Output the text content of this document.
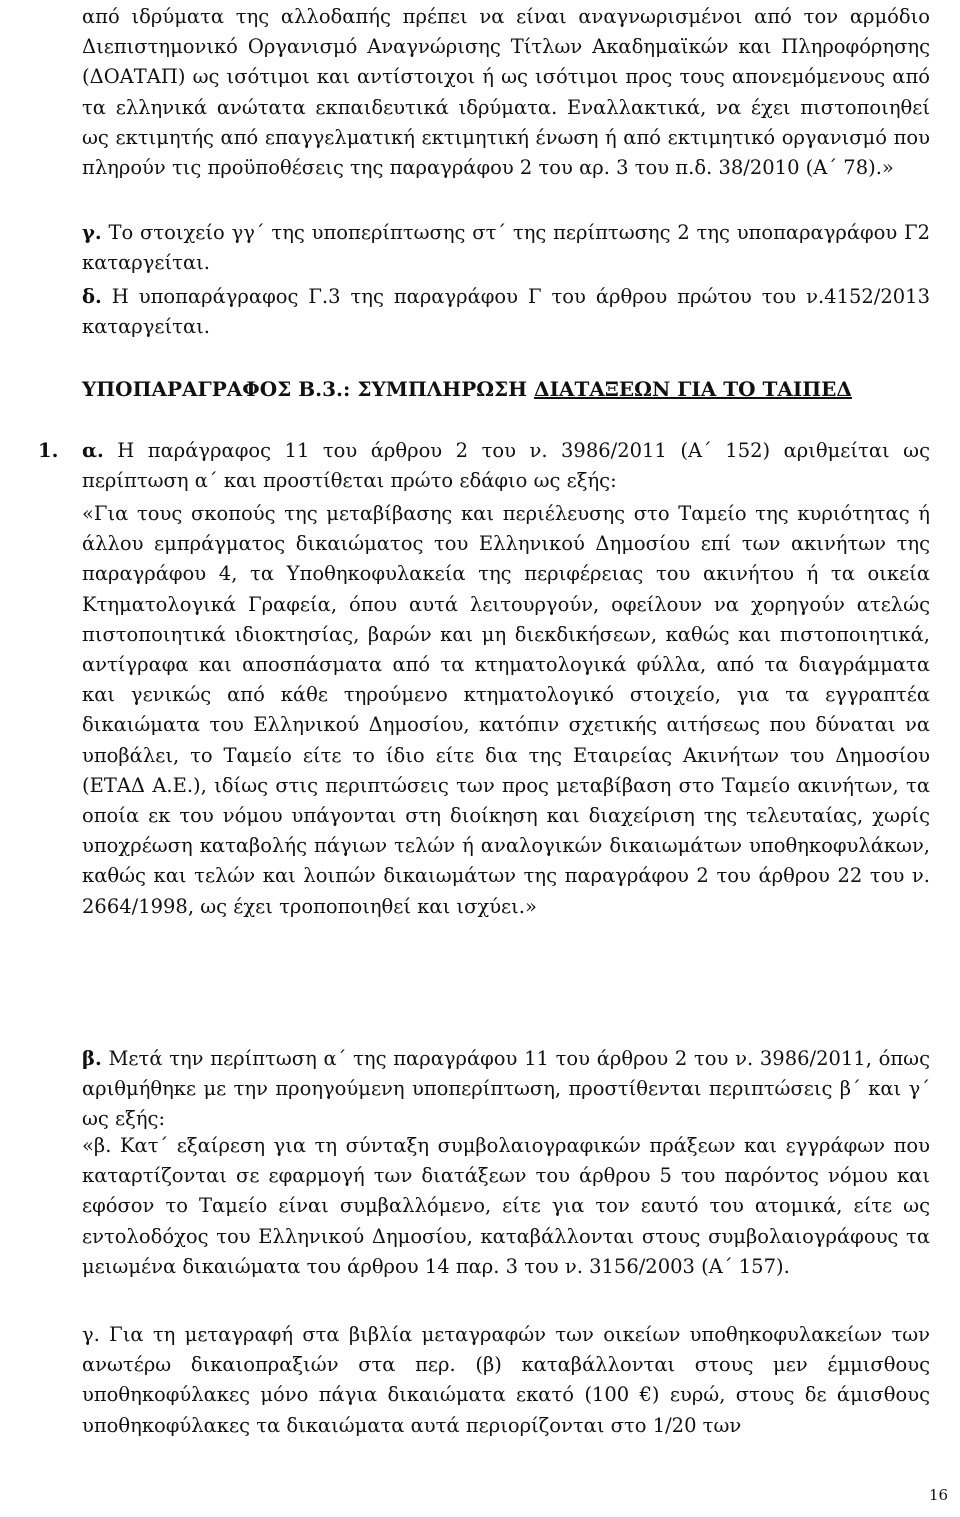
από ιδρύματα της αλλοδαπής πρέπει να είναι αναγνωρισμένοι από τον αρμόδιο Διεπιστημονικό Οργανισμό Αναγνώρισης Τίτλων Ακαδημαϊκών και Πληροφόρησης (ΔΟΑΤΑΠ) ως ισότιμοι και αντίστοιχοι ή ως ισότιμοι προς τους απονεμόμενους από τα ελληνικά ανώτατα εκπαιδευτικά ιδρύματα. Εναλλακτικά, να έχει πιστοποιηθεί ως εκτιμητής από επαγγελματική εκτιμητική ένωση ή από εκτιμητικό οργανισμό που πληρούν τις προϋποθέσεις της παραγράφου 2 του αρ. 3 του π.δ. 38/2010 (Α΄ 78).»
γ. Το στοιχείο γγ΄ της υποπερίπτωσης στ΄ της περίπτωσης 2 της υποπαραγράφου Γ2 καταργείται.
δ. Η υποπαράγραφος Γ.3 της παραγράφου Γ του άρθρου πρώτου του ν.4152/2013 καταργείται.
ΥΠΟΠΑΡΑΓΡΑΦΟΣ Β.3.: ΣΥΜΠΛΗΡΩΣΗ ΔΙΑΤΑΞΕΩΝ ΓΙΑ ΤΟ ΤΑΙΠΕΔ
1. α. Η παράγραφος 11 του άρθρου 2 του ν. 3986/2011 (Α΄ 152) αριθμείται ως περίπτωση α΄ και προστίθεται πρώτο εδάφιο ως εξής:
«Για τους σκοπούς της μεταβίβασης και περιέλευσης στο Ταμείο της κυριότητας ή άλλου εμπράγματος δικαιώματος του Ελληνικού Δημοσίου επί των ακινήτων της παραγράφου 4, τα Υποθηκοφυλακεία της περιφέρειας του ακινήτου ή τα οικεία Κτηματολογικά Γραφεία, όπου αυτά λειτουργούν, οφείλουν να χορηγούν ατελώς πιστοποιητικά ιδιοκτησίας, βαρών και μη διεκδικήσεων, καθώς και πιστοποιητικά, αντίγραφα και αποσπάσματα από τα κτηματολογικά φύλλα, από τα διαγράμματα και γενικώς από κάθε τηρούμενο κτηματολογικό στοιχείο, για τα εγγραπτέα δικαιώματα του Ελληνικού Δημοσίου, κατόπιν σχετικής αιτήσεως που δύναται να υποβάλει, το Ταμείο είτε το ίδιο είτε δια της Εταιρείας Ακινήτων του Δημοσίου (ΕΤΑΔ Α.Ε.), ιδίως στις περιπτώσεις των προς μεταβίβαση στο Ταμείο ακινήτων, τα οποία εκ του νόμου υπάγονται στη διοίκηση και διαχείριση της τελευταίας, χωρίς υποχρέωση καταβολής πάγιων τελών ή αναλογικών δικαιωμάτων υποθηκοφυλάκων, καθώς και τελών και λοιπών δικαιωμάτων της παραγράφου 2 του άρθρου 22 του ν. 2664/1998, ως έχει τροποποιηθεί και ισχύει.»
β. Μετά την περίπτωση α΄ της παραγράφου 11 του άρθρου 2 του ν. 3986/2011, όπως αριθμήθηκε με την προηγούμενη υποπερίπτωση, προστίθενται περιπτώσεις β΄ και γ΄ ως εξής:
«β. Κατ΄ εξαίρεση για τη σύνταξη συμβολαιογραφικών πράξεων και εγγράφων που καταρτίζονται σε εφαρμογή των διατάξεων του άρθρου 5 του παρόντος νόμου και εφόσον το Ταμείο είναι συμβαλλόμενο, είτε για τον εαυτό του ατομικά, είτε ως εντολοδόχος του Ελληνικού Δημοσίου, καταβάλλονται στους συμβολαιογράφους τα μειωμένα δικαιώματα του άρθρου 14 παρ. 3 του ν. 3156/2003 (Α΄ 157).
γ. Για τη μεταγραφή στα βιβλία μεταγραφών των οικείων υποθηκοφυλακείων των ανωτέρω δικαιοπραξιών στα περ. (β) καταβάλλονται στους μεν έμμισθους υποθηκοφύλακες μόνο πάγια δικαιώματα εκατό (100 €) ευρώ, στους δε άμισθους υποθηκοφύλακες τα δικαιώματα αυτά περιορίζονται στο 1/20 των
16
